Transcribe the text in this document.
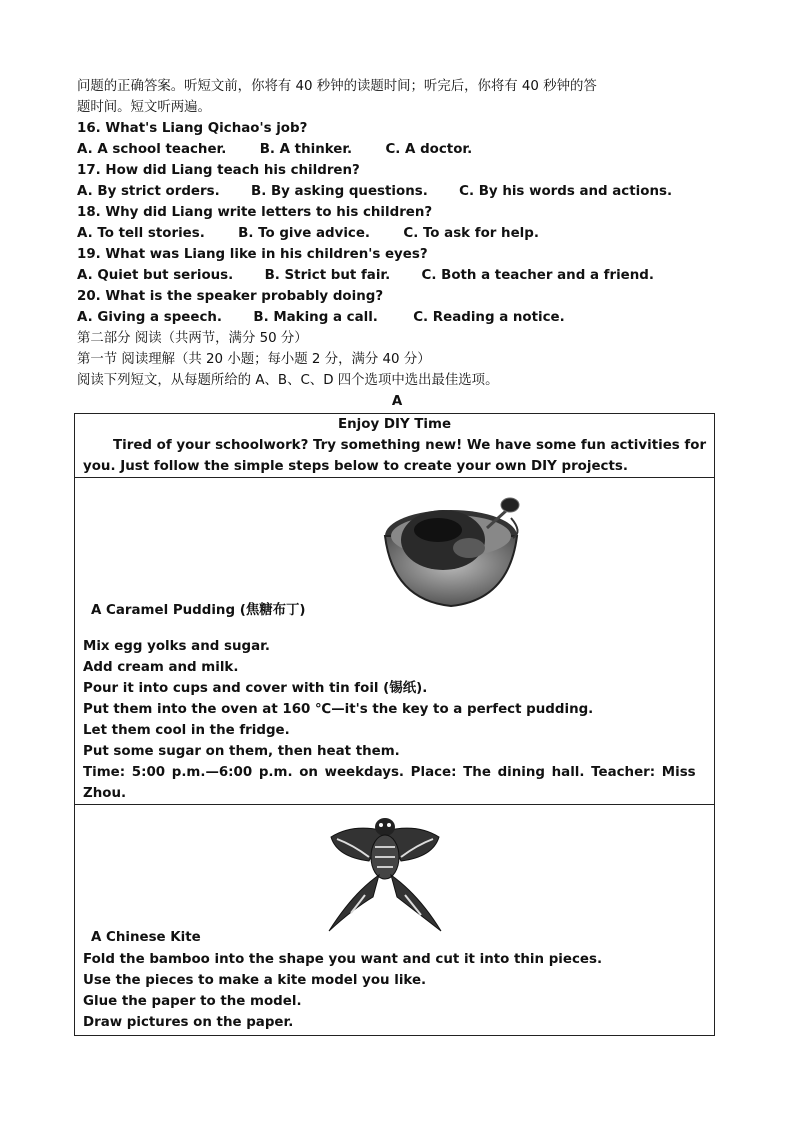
问题的正确答案。听短文前，你将有 40 秒钟的读题时间；听完后，你将有 40 秒钟的答
题时间。短文听两遍。
16. What's Liang Qichao's job?
A. A school teacher. B. A thinker. C. A doctor.
17. How did Liang teach his children?
A. By strict orders. B. By asking questions. C. By his words and actions.
18. Why did Liang write letters to his children?
A. To tell stories. B. To give advice. C. To ask for help.
19. What was Liang like in his children's eyes?
A. Quiet but serious. B. Strict but fair. C. Both a teacher and a friend.
20. What is the speaker probably doing?
A. Giving a speech. B. Making a call.	C. Reading a notice.
第二部分 阅读（共两节，满分 50 分）
第一节 阅读理解（共 20 小题；每小题 2 分，满分 40 分）
阅读下列短文，从每题所给的 A、B、C、D 四个选项中选出最佳选项。
A
Enjoy DIY Time
Tired of your schoolwork? Try something new! We have some fun activities for
you. Just follow the simple steps below to create your own DIY projects.

A Caramel Pudding (焦糖布丁)
Mix egg yolks and sugar.
Add cream and milk.
Pour it into cups and cover with tin foil (锡纸).
Put them into the oven at 160 ℃—it's the key to a perfect pudding.
Let them cool in the fridge.
Put some sugar on them, then heat them.
Time: 5:00 p.m.—6:00 p.m. on weekdays. Place: The dining hall. Teacher: Miss
Zhou.

A Chinese Kite
Fold the bamboo into the shape you want and cut it into thin pieces.
Use the pieces to make a kite model you like.
Glue the paper to the model.
Draw pictures on the paper.
